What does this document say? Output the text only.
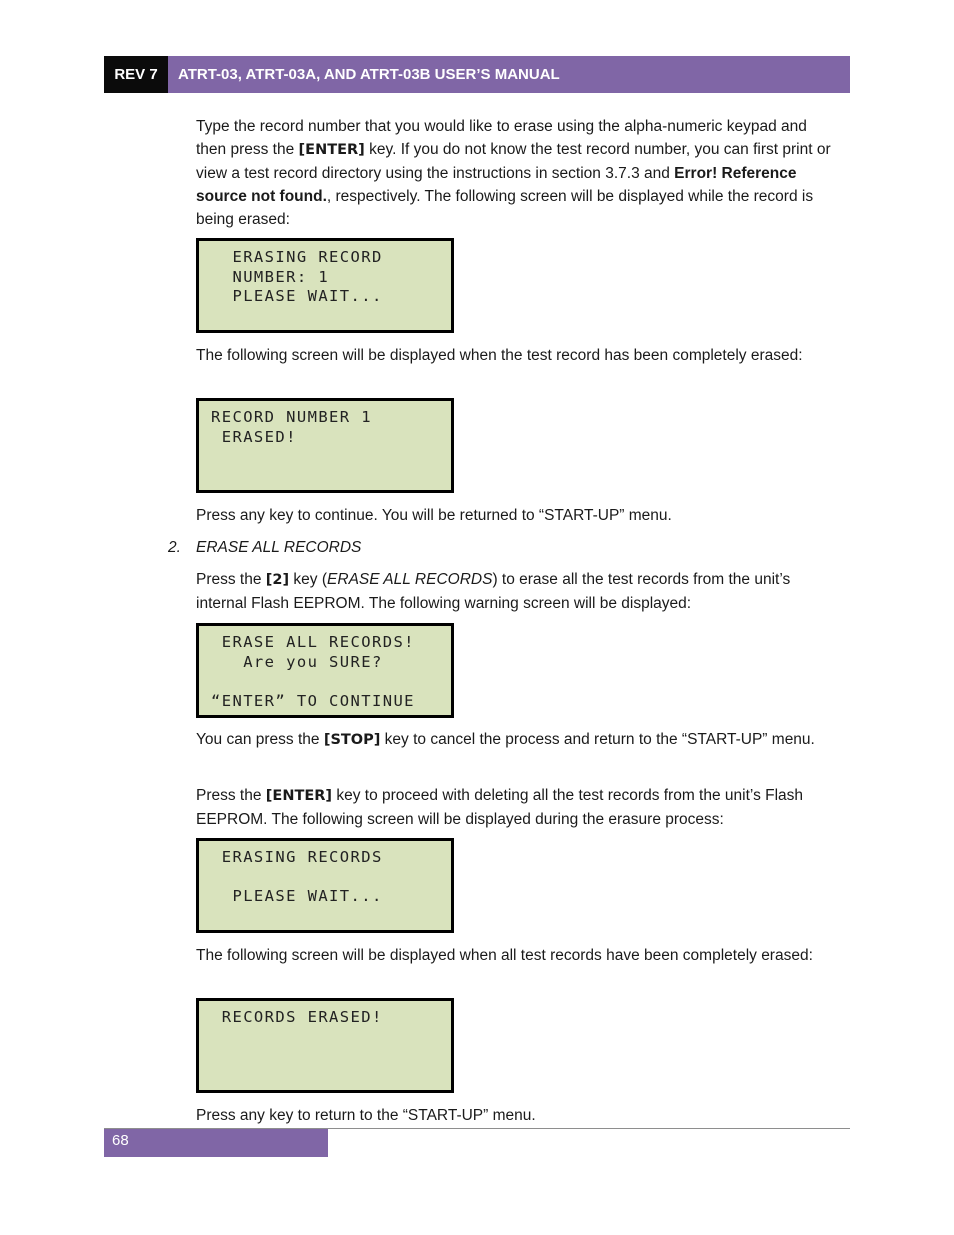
REV 7	ATRT-03, ATRT-03A, AND ATRT-03B USER’S MANUAL

Type the record number that you would like to erase using the alpha-numeric keypad and then press the [ENTER] key. If you do not know the test record number, you can first print or view a test record directory using the instructions in section 3.7.3 and Error! Reference source not found., respectively. The following screen will be displayed while the record is being erased:

ERASING RECORD
NUMBER: 1
PLEASE WAIT...

The following screen will be displayed when the test record has been completely erased:

RECORD NUMBER 1
ERASED!

Press any key to continue. You will be returned to “START-UP” menu.

2. ERASE ALL RECORDS

Press the [2] key (ERASE ALL RECORDS) to erase all the test records from the unit’s internal Flash EEPROM. The following warning screen will be displayed:

ERASE ALL RECORDS!
Are you SURE?

“ENTER” TO CONTINUE

You can press the [STOP] key to cancel the process and return to the “START-UP” menu.

Press the [ENTER] key to proceed with deleting all the test records from the unit’s Flash EEPROM. The following screen will be displayed during the erasure process:

ERASING RECORDS

PLEASE WAIT...

The following screen will be displayed when all test records have been completely erased:

RECORDS ERASED!

Press any key to return to the “START-UP” menu.

68
